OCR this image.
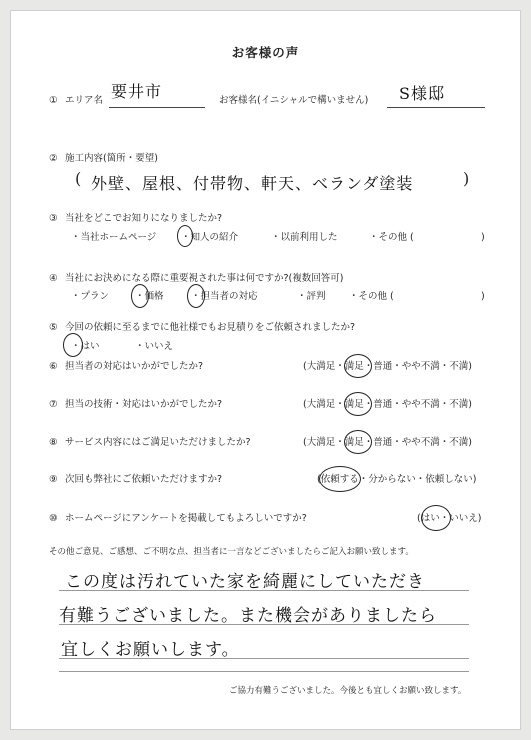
お客様の声
① エリア名 要井市	お客様名(イニシャルで構いません) S様邸
② 施工内容(箇所・要望)
( 外壁、屋根、付帯物、軒天、ベランダ塗装	)
③ 当社をどこでお知りになりましたか?
・当社ホームページ	・知人の紹介	・以前利用した	・その他 (	)
④ 当社にお決めになる際に重要視された事は何ですか?(複数回答可)
・プラン	・価格	・担当者の対応	・評判 ・その他 (	)
⑤ 今回の依頼に至るまでに他社様でもお見積りをご依頼されましたか?
・はい	・いいえ
⑥ 担当者の対応はいかがでしたか?	(大満足・満足・普通・やや不満・不満)
⑦ 担当の技術・対応はいかがでしたか?	(大満足・満足・普通・やや不満・不満)
⑧ サービス内容にはご満足いただけましたか?	(大満足・満足・普通・やや不満・不満)
⑨ 次回も弊社にご依頼いただけますか?	(依頼する・分からない・依頼しない)
⑩ ホームページにアンケートを掲載してもよろしいですか?	(はい・いいえ)
その他ご意見、ご感想、ご不明な点、担当者に一言などございましたらご記入お願い致します。
この度は汚れていた家を綺麗にしていただき
有難うございました。また機会がありましたら
宜しくお願いします。
ご協力有難うございました。今後とも宜しくお願い致します。
